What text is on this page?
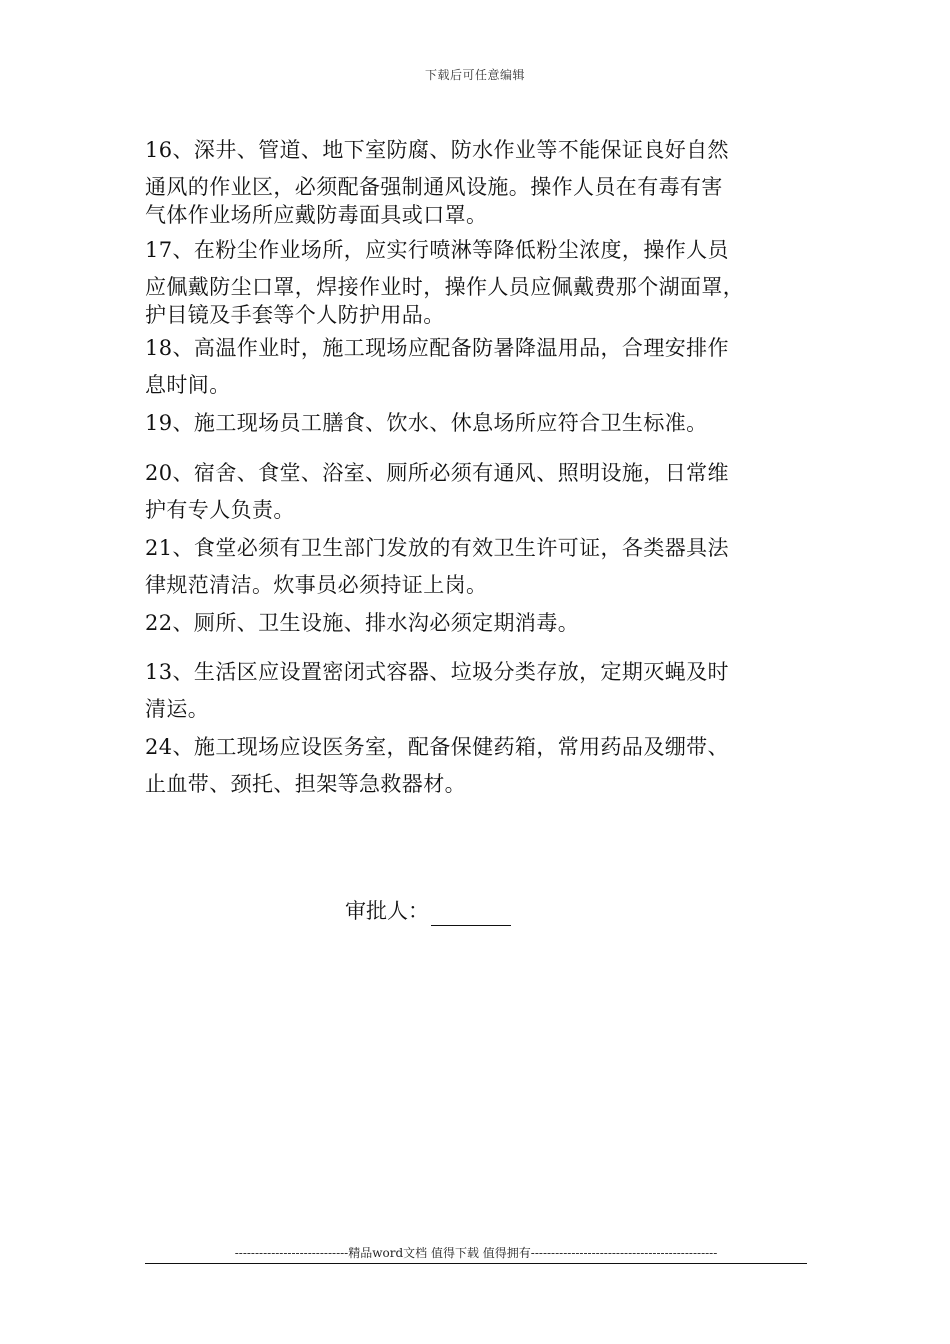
下载后可任意编辑

16、深井、管道、地下室防腐、防水作业等不能保证良好自然

通风的作业区，必须配备强制通风设施。操作人员在有毒有害

气体作业场所应戴防毒面具或口罩。

17、在粉尘作业场所，应实行喷淋等降低粉尘浓度，操作人员

应佩戴防尘口罩，焊接作业时，操作人员应佩戴费那个湖面罩，

护目镜及手套等个人防护用品。

18、高温作业时，施工现场应配备防暑降温用品，合理安排作

息时间。

19、施工现场员工膳食、饮水、休息场所应符合卫生标准。

20、宿舍、食堂、浴室、厕所必须有通风、照明设施，日常维

护有专人负责。

21、食堂必须有卫生部门发放的有效卫生许可证，各类器具法

律规范清洁。炊事员必须持证上岗。

22、厕所、卫生设施、排水沟必须定期消毒。

13、生活区应设置密闭式容器、垃圾分类存放，定期灭蝇及时

清运。

24、施工现场应设医务室，配备保健药箱，常用药品及绷带、

止血带、颈托、担架等急救器材。

审批人：
----------------------------精品word文档 值得下载 值得拥有----------------------------------------------
